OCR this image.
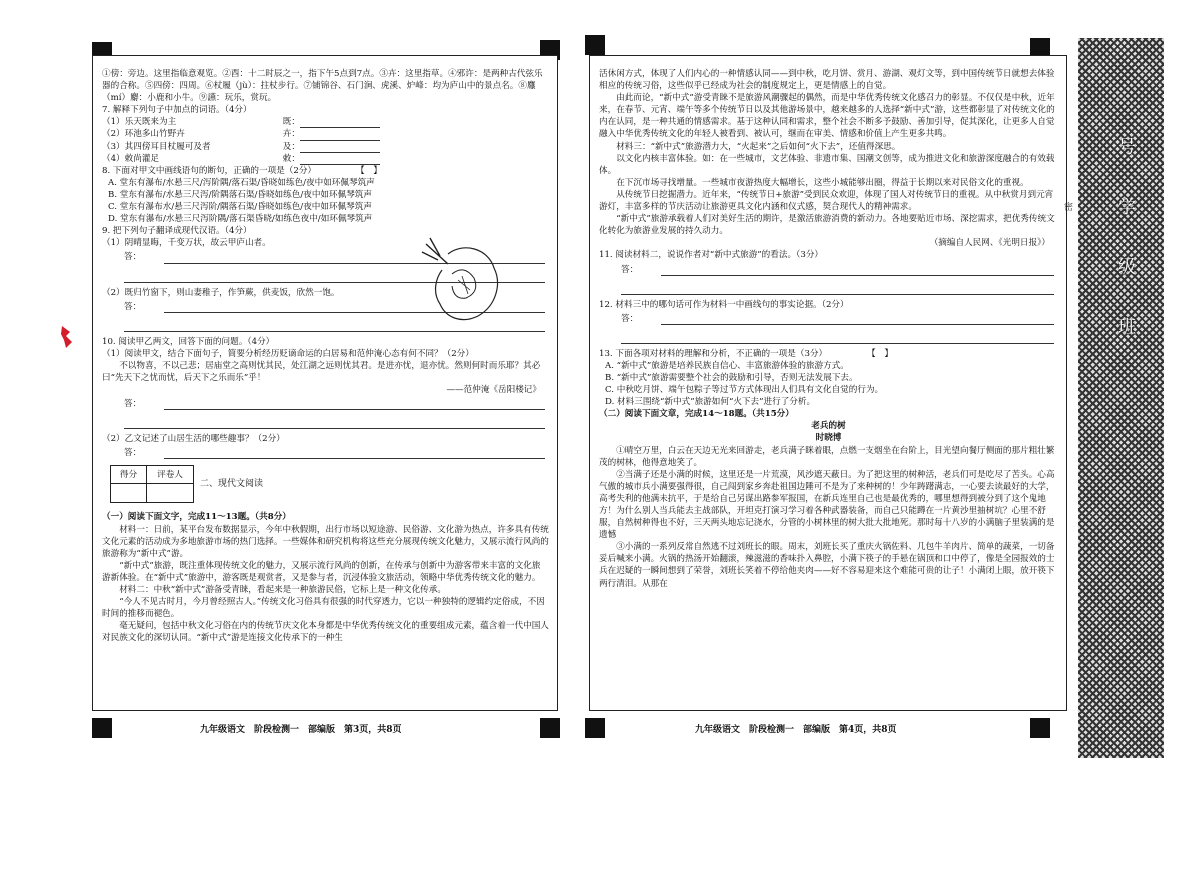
①傍：旁边。这里指临意观览。②酉：十二时辰之一，指下午5点到7点。③卉：这里指草。④邪许：是两种古代弦乐器的合称。⑤四傍：四周。⑥杖履（jù）：拄杖步行。⑦铺锦谷、石门涧、虎溪、炉峰：均为庐山中的景点名。⑧䴪（mí）麝：小鹿和小牛。⑨讌：玩乐，赏玩。

7. 解释下列句子中加点的词语。（4分）

（1）乐天既来为主	既：
（2）环池多山竹野卉	卉：
（3）其四傍耳目杖履可及者	及：
（4）敕尚灌足	敕：

8. 下面对甲文中画线语句的断句，正确的一项是（2分）	【　】

A. 堂东有瀑布/水悬三尺/泻阶隅/落石渠/昏晓如练色/夜中如环佩琴筑声

B. 堂东有瀑布/水悬三尺泻/阶隅落石渠/昏晓如练色/夜中如环佩琴筑声

C. 堂东有瀑布水/悬三尺泻阶/隅落石渠/昏晓如练色/夜中如环佩琴筑声

D. 堂东有瀑布/水悬三尺泻阶隅/落石渠昏晓/如练色夜中/如环佩琴筑声

9. 把下列句子翻译成现代汉语。（4分）

（1）阴晴显晦，千变万状，故云甲庐山者。

答：

（2）既归竹窗下，则山妻稚子，作笋蕨，供麦饭，欣然一饱。

答：

10. 阅读甲乙两文，回答下面的问题。（4分）

（1）阅读甲文，结合下面句子，简要分析经历贬谪命运的白居易和范仲淹心态有何不同？（2分）

不以物喜，不以己悲；居庙堂之高则忧其民，处江湖之远则忧其君。是进亦忧，退亦忧。然则何时而乐耶？其必曰“先天下之忧而忧，后天下之乐而乐”乎！

——范仲淹《岳阳楼记》

答：

（2）乙文记述了山居生活的哪些趣事？（2分）

答：
得分	评卷人
二、现代文阅读

（一）阅读下面文字，完成11～13题。（共8分）

材料一：日前，某平台发布数据显示，今年中秋假期，出行市场以短途游、民俗游、文化游为热点，许多具有传统文化元素的活动成为多地旅游市场的热门选择。一些媒体和研究机构将这些充分展现传统文化魅力，又展示流行风尚的旅游称为“新中式”游。

“新中式”旅游，既注重体现传统文化的魅力，又展示流行风尚的创新，在传承与创新中为游客带来丰富的文化旅游新体验。在“新中式”旅游中，游客既是观赏者，又是参与者，沉浸体验文旅活动，领略中华优秀传统文化的魅力。

材料二：中秋“新中式”游备受青睐，看起来是一种旅游民俗，它标上是一种文化传承。

“今人不见古时月，今月曾经照古人。”传统文化习俗具有很强的时代穿透力，它以一种独特的逻辑约定俗成，不因时间的推移而褪色。

毫无疑问，包括中秋文化习俗在内的传统节庆文化本身都是中华优秀传统文化的重要组成元素，蕴含着一代中国人对民族文化的深切认同。“新中式”游是连接文化传承下的一种生

九年级语文　阶段检测一　部编版　第3页，共8页

活休闲方式，体现了人们内心的一种情感认同——到中秋，吃月饼、赏月、游湖、观灯文等，到中国传统节日就想去体验相应的传统习俗，这些似乎已经成为社会的制度规定上，更是情感上的自觉。

由此而论，“新中式”游受青睐不是旅游风潮骤起的偶然，而是中华优秀传统文化感召力的彰显。不仅仅是中秋，近年来，在春节、元宵、端午等多个传统节日以及其他游场景中，越来越多的人选择“新中式”游，这些都彰显了对传统文化的内在认同，是一种共通的情感需求。基于这种认同和需求，整个社会不断多予鼓励、善加引导，促其深化，让更多人自觉融入中华优秀传统文化的年轻人被看到、被认可，继而在审美、情感和价值上产生更多共鸣。

材料三：“新中式”旅游潜力大，“火起来”之后如何“火下去”，还值得深思。

以文化内核丰富体验。如：在一些城市，文艺体验、非遗市集、国潮文创等，成为推进文化和旅游深度融合的有效载体。

在下沉市场寻找增量。一些城市夜游热度大幅增长，这些小城能够出圈，得益于长期以来对民俗文化的重视。

从传统节日挖掘潜力。近年来，“传统节日+旅游”受到民众欢迎，体现了国人对传统节日的重视。从中秋赏月到元宵游灯，丰富多样的节庆活动让旅游更具文化内涵和仪式感，契合现代人的精神需求。

“新中式”旅游承载着人们对美好生活的期许，是激活旅游消费的新动力。各地要贴近市场、深挖需求，把优秀传统文化转化为旅游业发展的持久动力。

（摘编自人民网、《光明日报》）

11. 阅读材料二，说说作者对“新中式旅游”的看法。（3分）

答：

12. 材料三中的哪句话可作为材料一中画线句的事实论据。（2分）

答：

13. 下面各项对材料的理解和分析，不正确的一项是（3分）	【　】

A. “新中式”旅游是培养民族自信心、丰富旅游体验的旅游方式。

B. “新中式”旅游需要整个社会的鼓励和引导，否则无法发展下去。

C. 中秋吃月饼、端午包粽子等过节方式体现出人们具有文化自觉的行为。

D. 材料三围绕“新中式”旅游如何“火下去”进行了分析。

（二）阅读下面文章，完成14～18题。（共15分）

老兵的树

时晓博

①晴空万里，白云在天边无光来回游走，老兵满子眯着眼，点燃一支烟坐在台阶上，目光望向餐厅侧面的那片粗壮繁茂的树林，他得意地笑了。

②当满子还是小满的时候，这里还是一片荒漠，风沙遮天蔽日。为了把这里的树种活，老兵们可是吃尽了苦头。心高气傲的城市兵小满要强得很，自己闯到家乡奔赴祖国边陲可不是为了来种树的！少年踌躇满志，一心要去读最好的大学，高考失利的他满未抗平，于是给自己另谋出路参军报国，在新兵连里自己也是最优秀的，哪里想得到被分到了这个鬼地方！为什么别人当兵能去主战部队，开坦克打演习学习着各种武器装备，而自己只能蹲在一片黄沙里抽树坑？心里不舒服，自然树种得也不好，三天两头地忘记浇水，分管的小树林里的树大批大批地死。那时每十八岁的小满脑子里装满的是遗憾

③小满的一系列反常自然逃不过刘班长的眼。周末，刘班长买了重庆火锅佐料、几包牛羊肉片、简单的蔬菜，一切备妥后喊来小满。火锅的热汤开始翻滚，辣滋滋的香味扑入鼻腔，小满下筷子的手悬在锅顶和口中停了，像是全园报效的士兵在迟疑的一瞬间想到了荣誉，刘班长笑着不停给他夹肉——好不容易迎来这个难能可贵的让子！小满闭上眼，放开筷下两行清泪。从那在

九年级语文　阶段检测一　部编版　第4页，共8页
密
号 学 级 班
